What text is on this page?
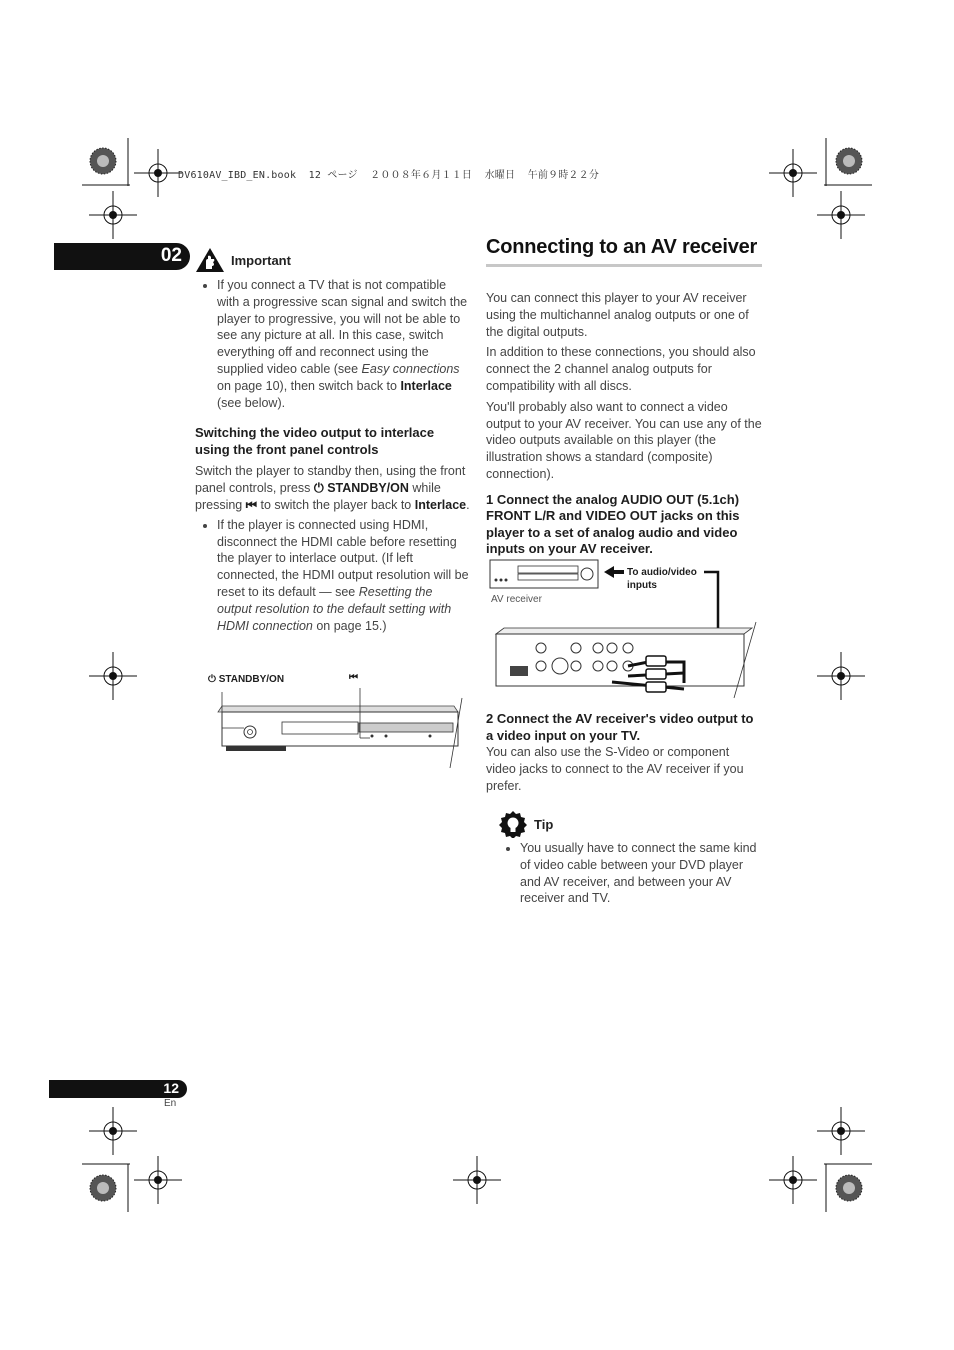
DV610AV_IBD_EN.book  12 ページ  ２００８年６月１１日  水曜日  午前９時２２分
02	Important
• If you connect a TV that is not compatible with a progressive scan signal and switch the player to progressive, you will not be able to see any picture at all. In this case, switch everything off and reconnect using the supplied video cable (see Easy connections on page 10), then switch back to Interlace (see below).
Switching the video output to interlace using the front panel controls

Switch the player to standby then, using the front panel controls, press ⏻ STANDBY/ON while pressing ⏮ to switch the player back to Interlace.

• If the player is connected using HDMI, disconnect the HDMI cable before resetting the player to interlace output. (If left connected, the HDMI output resolution will be reset to its default — see Resetting the output resolution to the default setting with HDMI connection on page 15.)
⏻ STANDBY/ON	⏮
Connecting to an AV receiver

You can connect this player to your AV receiver using the multichannel analog outputs or one of the digital outputs.

In addition to these connections, you should also connect the 2 channel analog outputs for compatibility with all discs.

You'll probably also want to connect a video output to your AV receiver. You can use any of the video outputs available on this player (the illustration shows a standard (composite) connection).

1 Connect the analog AUDIO OUT (5.1ch) FRONT L/R and VIDEO OUT jacks on this player to a set of analog audio and video inputs on your AV receiver.

To audio/video inputs
AV receiver

2 Connect the AV receiver's video output to a video input on your TV.

You can also use the S-Video or component video jacks to connect to the AV receiver if you prefer.

Tip
• You usually have to connect the same kind of video cable between your DVD player and AV receiver, and between your AV receiver and TV.
12
En
